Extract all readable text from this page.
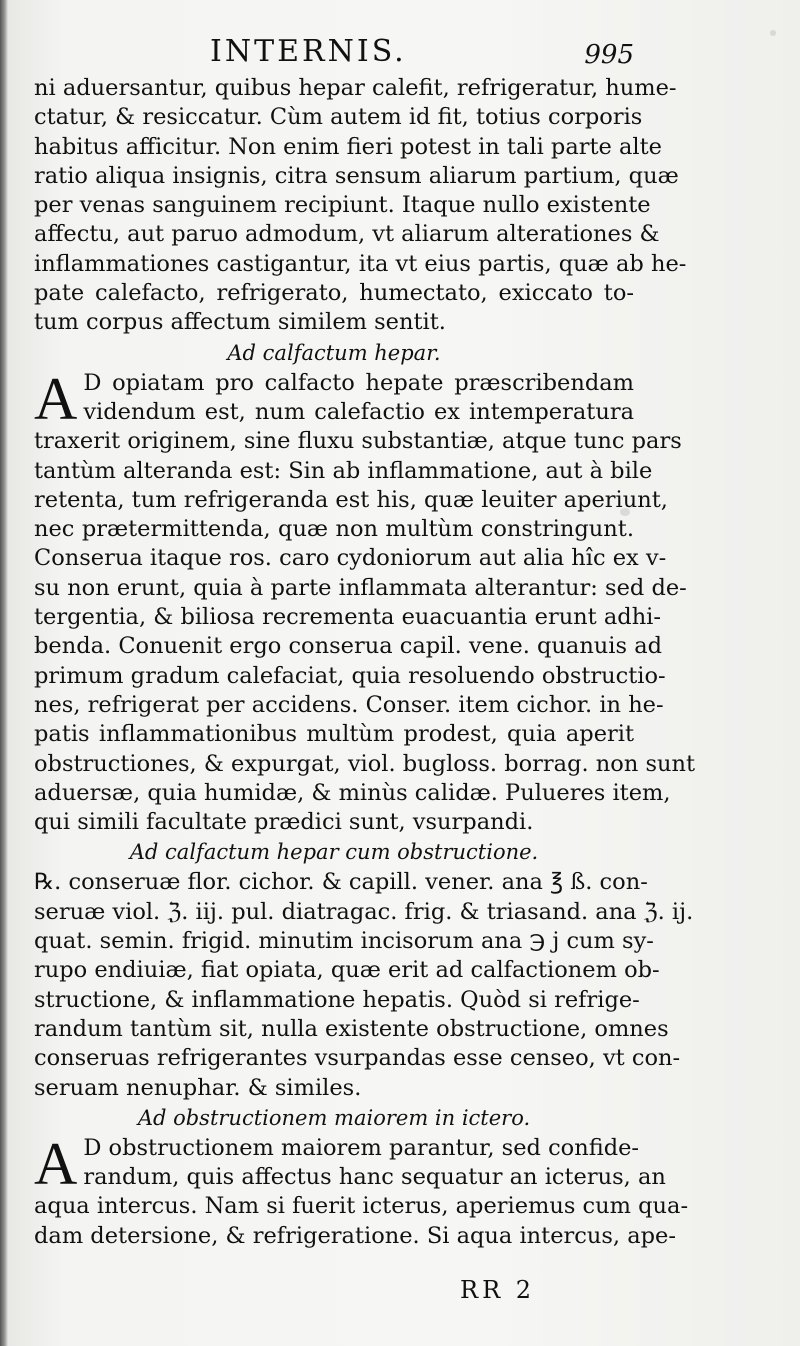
INTERNIS.	995
ni aduersantur, quibus hepar calefit, refrigeratur, hume-
ctatur, & resiccatur. Cùm autem id fit, totius corporis
habitus afficitur. Non enim fieri potest in tali parte alte
ratio aliqua insignis, citra sensum aliarum partium, quæ
per venas sanguinem recipiunt. Itaque nullo existente
affectu, aut paruo admodum, vt aliarum alterationes &
inflammationes castigantur, ita vt eius partis, quæ ab he-
pate calefacto, refrigerato, humectato, exiccato to-
tum corpus affectum similem sentit.
Ad calfactum hepar.
A D opiatam pro calfacto hepate præscribendam
videndum est, num calefactio ex intemperatura
traxerit originem, sine fluxu substantiæ, atque tunc pars
tantùm alteranda est: Sin ab inflammatione, aut à bile
retenta, tum refrigeranda est his, quæ leuiter aperiunt,
nec prætermittenda, quæ non multùm constringunt.
Conserua itaque ros. caro cydoniorum aut alia hîc ex v-
su non erunt, quia à parte inflammata alterantur: sed de-
tergentia, & biliosa recrementa euacuantia erunt adhi-
benda. Conuenit ergo conserua capil. vene. quanuis ad
primum gradum calefaciat, quia resoluendo obstructio-
nes, refrigerat per accidens. Conser. item cichor. in he-
patis inflammationibus multùm prodest, quia aperit
obstructiones, & expurgat, viol. bugloss. borrag. non sunt
aduersæ, quia humidæ, & minùs calidæ. Pulueres item,
qui simili facultate prædici sunt, vsurpandi.
Ad calfactum hepar cum obstructione.
℞. conseruæ flor. cichor. & capill. vener. ana ℥ ß. con-
seruæ viol. ℨ. iij. pul. diatragac. frig. & triasand. ana ℨ. ij.
quat. semin. frigid. minutim incisorum ana ℈ j cum sy-
rupo endiuiæ, fiat opiata, quæ erit ad calfactionem ob-
structione, & inflammatione hepatis. Quòd si refrige-
randum tantùm sit, nulla existente obstructione, omnes
conseruas refrigerantes vsurpandas esse censeo, vt con-
seruam nenuphar. & similes.
Ad obstructionem maiorem in ictero.
A D obstructionem maiorem parantur, sed confide-
randum, quis affectus hanc sequatur an icterus, an
aqua intercus. Nam si fuerit icterus, aperiemus cum qua-
dam detersione, & refrigeratione. Si aqua intercus, ape-
RR 2
